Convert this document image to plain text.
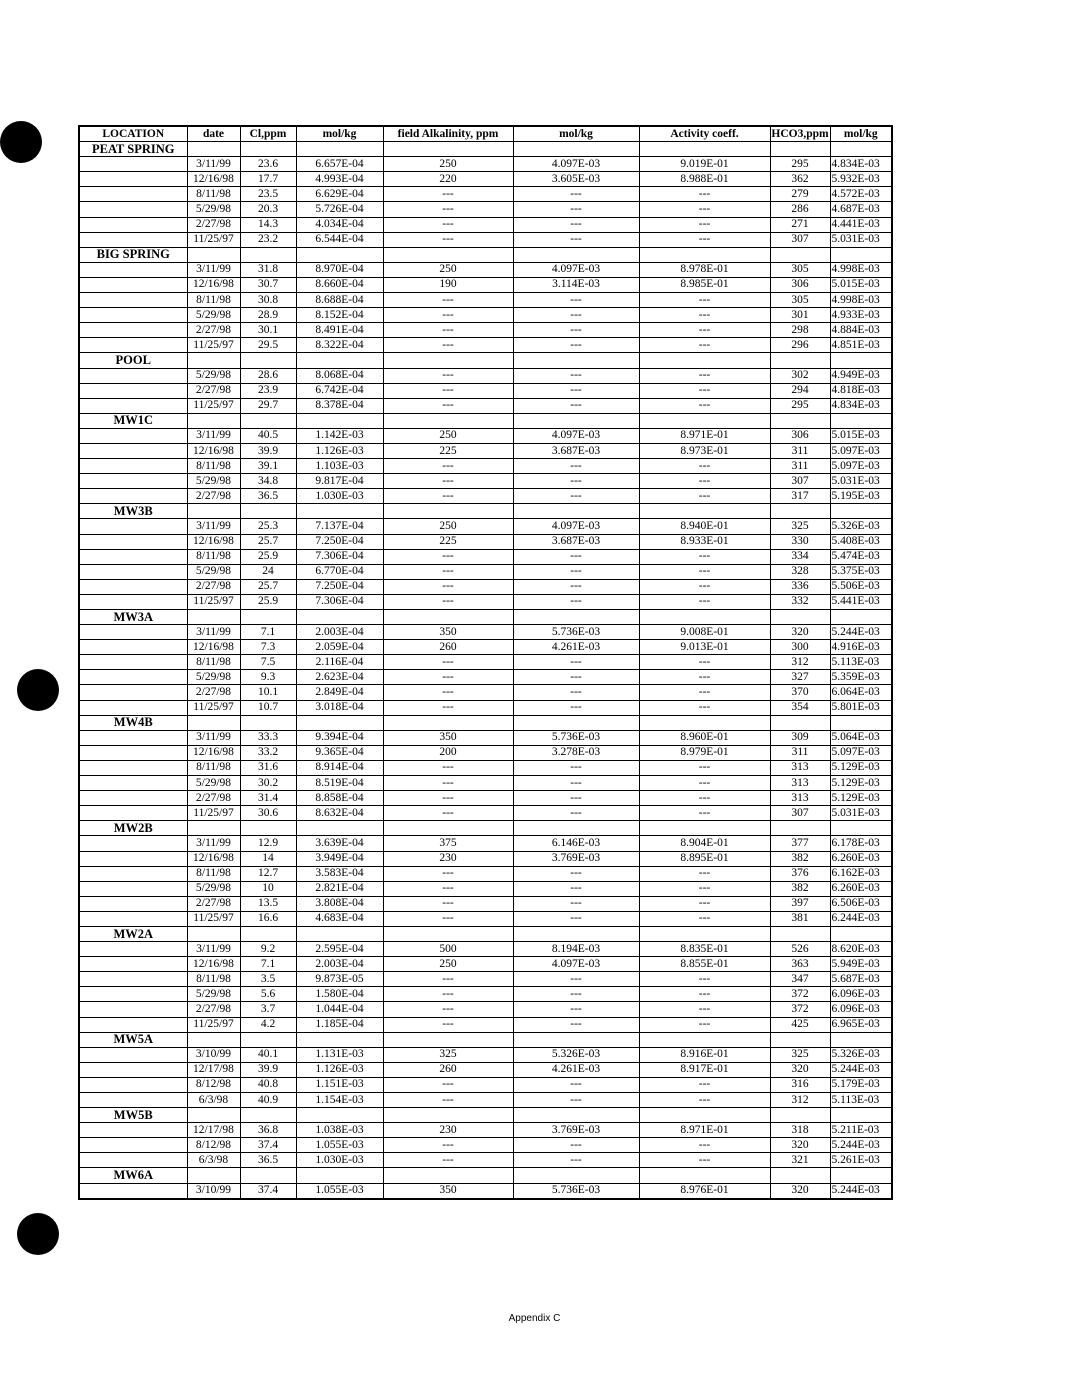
LOCATION	date	Cl,ppm	mol/kg	field Alkalinity, ppm	mol/kg	Activity coeff.	HCO3,ppm	mol/kg
PEAT SPRING								
	3/11/99	23.6	6.657E-04	250	4.097E-03	9.019E-01	295	4.834E-03
	12/16/98	17.7	4.993E-04	220	3.605E-03	8.988E-01	362	5.932E-03
	8/11/98	23.5	6.629E-04	---	---	---	279	4.572E-03
	5/29/98	20.3	5.726E-04	---	---	---	286	4.687E-03
	2/27/98	14.3	4.034E-04	---	---	---	271	4.441E-03
	11/25/97	23.2	6.544E-04	---	---	---	307	5.031E-03
BIG SPRING								
	3/11/99	31.8	8.970E-04	250	4.097E-03	8.978E-01	305	4.998E-03
	12/16/98	30.7	8.660E-04	190	3.114E-03	8.985E-01	306	5.015E-03
	8/11/98	30.8	8.688E-04	---	---	---	305	4.998E-03
	5/29/98	28.9	8.152E-04	---	---	---	301	4.933E-03
	2/27/98	30.1	8.491E-04	---	---	---	298	4.884E-03
	11/25/97	29.5	8.322E-04	---	---	---	296	4.851E-03
POOL								
	5/29/98	28.6	8.068E-04	---	---	---	302	4.949E-03
	2/27/98	23.9	6.742E-04	---	---	---	294	4.818E-03
	11/25/97	29.7	8.378E-04	---	---	---	295	4.834E-03
MW1C								
	3/11/99	40.5	1.142E-03	250	4.097E-03	8.971E-01	306	5.015E-03
	12/16/98	39.9	1.126E-03	225	3.687E-03	8.973E-01	311	5.097E-03
	8/11/98	39.1	1.103E-03	---	---	---	311	5.097E-03
	5/29/98	34.8	9.817E-04	---	---	---	307	5.031E-03
	2/27/98	36.5	1.030E-03	---	---	---	317	5.195E-03
MW3B								
	3/11/99	25.3	7.137E-04	250	4.097E-03	8.940E-01	325	5.326E-03
	12/16/98	25.7	7.250E-04	225	3.687E-03	8.933E-01	330	5.408E-03
	8/11/98	25.9	7.306E-04	---	---	---	334	5.474E-03
	5/29/98	24	6.770E-04	---	---	---	328	5.375E-03
	2/27/98	25.7	7.250E-04	---	---	---	336	5.506E-03
	11/25/97	25.9	7.306E-04	---	---	---	332	5.441E-03
MW3A								
	3/11/99	7.1	2.003E-04	350	5.736E-03	9.008E-01	320	5.244E-03
	12/16/98	7.3	2.059E-04	260	4.261E-03	9.013E-01	300	4.916E-03
	8/11/98	7.5	2.116E-04	---	---	---	312	5.113E-03
	5/29/98	9.3	2.623E-04	---	---	---	327	5.359E-03
	2/27/98	10.1	2.849E-04	---	---	---	370	6.064E-03
	11/25/97	10.7	3.018E-04	---	---	---	354	5.801E-03
MW4B								
	3/11/99	33.3	9.394E-04	350	5.736E-03	8.960E-01	309	5.064E-03
	12/16/98	33.2	9.365E-04	200	3.278E-03	8.979E-01	311	5.097E-03
	8/11/98	31.6	8.914E-04	---	---	---	313	5.129E-03
	5/29/98	30.2	8.519E-04	---	---	---	313	5.129E-03
	2/27/98	31.4	8.858E-04	---	---	---	313	5.129E-03
	11/25/97	30.6	8.632E-04	---	---	---	307	5.031E-03
MW2B								
	3/11/99	12.9	3.639E-04	375	6.146E-03	8.904E-01	377	6.178E-03
	12/16/98	14	3.949E-04	230	3.769E-03	8.895E-01	382	6.260E-03
	8/11/98	12.7	3.583E-04	---	---	---	376	6.162E-03
	5/29/98	10	2.821E-04	---	---	---	382	6.260E-03
	2/27/98	13.5	3.808E-04	---	---	---	397	6.506E-03
	11/25/97	16.6	4.683E-04	---	---	---	381	6.244E-03
MW2A								
	3/11/99	9.2	2.595E-04	500	8.194E-03	8.835E-01	526	8.620E-03
	12/16/98	7.1	2.003E-04	250	4.097E-03	8.855E-01	363	5.949E-03
	8/11/98	3.5	9.873E-05	---	---	---	347	5.687E-03
	5/29/98	5.6	1.580E-04	---	---	---	372	6.096E-03
	2/27/98	3.7	1.044E-04	---	---	---	372	6.096E-03
	11/25/97	4.2	1.185E-04	---	---	---	425	6.965E-03
MW5A								
	3/10/99	40.1	1.131E-03	325	5.326E-03	8.916E-01	325	5.326E-03
	12/17/98	39.9	1.126E-03	260	4.261E-03	8.917E-01	320	5.244E-03
	8/12/98	40.8	1.151E-03	---	---	---	316	5.179E-03
	6/3/98	40.9	1.154E-03	---	---	---	312	5.113E-03
MW5B								
	12/17/98	36.8	1.038E-03	230	3.769E-03	8.971E-01	318	5.211E-03
	8/12/98	37.4	1.055E-03	---	---	---	320	5.244E-03
	6/3/98	36.5	1.030E-03	---	---	---	321	5.261E-03
MW6A								
	3/10/99	37.4	1.055E-03	350	5.736E-03	8.976E-01	320	5.244E-03
Appendix C
